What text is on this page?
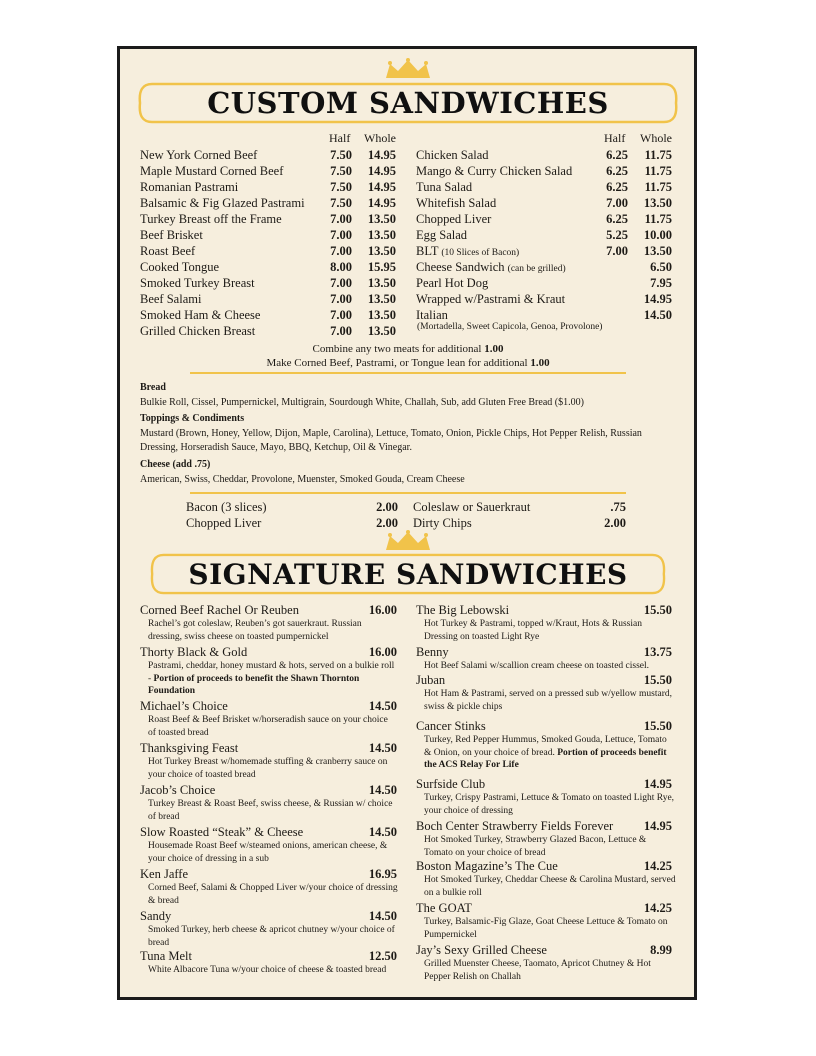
CUSTOM SANDWICHES
Half Whole	Half Whole
New York Corned Beef	7.50	14.95
Maple Mustard Corned Beef	7.50	14.95
Romanian Pastrami	7.50	14.95
Balsamic & Fig Glazed Pastrami	7.50	14.95
Turkey Breast off the Frame	7.00	13.50
Beef Brisket	7.00	13.50
Roast Beef	7.00	13.50
Cooked Tongue	8.00	15.95
Smoked Turkey Breast	7.00	13.50
Beef Salami	7.00	13.50
Smoked Ham & Cheese	7.00	13.50
Grilled Chicken Breast	7.00	13.50
Chicken Salad	6.25	11.75
Mango & Curry Chicken Salad	6.25	11.75
Tuna Salad	6.25	11.75
Whitefish Salad	7.00	13.50
Chopped Liver	6.25	11.75
Egg Salad	5.25	10.00
BLT (10 Slices of Bacon)	7.00	13.50
Cheese Sandwich (can be grilled)	6.50
Pearl Hot Dog	7.95
Wrapped w/Pastrami & Kraut	14.95
Italian	14.50
(Mortadella, Sweet Capicola, Genoa, Provolone)
Combine any two meats for additional 1.00
Make Corned Beef, Pastrami, or Tongue lean for additional 1.00
Bread
Bulkie Roll, Cissel, Pumpernickel, Multigrain, Sourdough White, Challah, Sub, add Gluten Free Bread ($1.00)
Toppings & Condiments
Mustard (Brown, Honey, Yellow, Dijon, Maple, Carolina), Lettuce, Tomato, Onion, Pickle Chips, Hot Pepper Relish, Russian Dressing, Horseradish Sauce, Mayo, BBQ, Ketchup, Oil & Vinegar.
Cheese (add .75)
American, Swiss, Cheddar, Provolone, Muenster, Smoked Gouda, Cream Cheese
Bacon (3 slices)	2.00
Chopped Liver	2.00
Coleslaw or Sauerkraut	.75
Dirty Chips	2.00
SIGNATURE SANDWICHES
Corned Beef Rachel Or Reuben	16.00
Rachel’s got coleslaw, Reuben’s got sauerkraut. Russian dressing, swiss cheese on toasted pumpernickel
Thorty Black & Gold	16.00
Pastrami, cheddar, honey mustard & hots, served on a bulkie roll - Portion of proceeds to benefit the Shawn Thornton Foundation
Michael’s Choice	14.50
Roast Beef & Beef Brisket w/horseradish sauce on your choice of toasted bread
Thanksgiving Feast	14.50
Hot Turkey Breast w/homemade stuffing & cranberry sauce on your choice of toasted bread
Jacob’s Choice	14.50
Turkey Breast & Roast Beef, swiss cheese, & Russian w/ choice of bread
Slow Roasted “Steak” & Cheese	14.50
Housemade Roast Beef w/steamed onions, american cheese, & your choice of dressing in a sub
Ken Jaffe	16.95
Corned Beef, Salami & Chopped Liver w/your choice of dressing & bread
Sandy	14.50
Smoked Turkey, herb cheese & apricot chutney w/your choice of bread
Tuna Melt	12.50
White Albacore Tuna w/your choice of cheese & toasted bread
The Big Lebowski	15.50
Hot Turkey & Pastrami, topped w/Kraut, Hots & Russian Dressing on toasted Light Rye
Benny	13.75
Hot Beef Salami w/scallion cream cheese on toasted cissel.
Juban	15.50
Hot Ham & Pastrami, served on a pressed sub w/yellow mustard, swiss & pickle chips
Cancer Stinks	15.50
Turkey, Red Pepper Hummus, Smoked Gouda, Lettuce, Tomato & Onion, on your choice of bread. Portion of proceeds benefit the ACS Relay For Life
Surfside Club	14.95
Turkey, Crispy Pastrami, Lettuce & Tomato on toasted Light Rye, your choice of dressing
Boch Center Strawberry Fields Forever	14.95
Hot Smoked Turkey, Strawberry Glazed Bacon, Lettuce & Tomato on your choice of bread
Boston Magazine’s The Cue	14.25
Hot Smoked Turkey, Cheddar Cheese & Carolina Mustard, served on a bulkie roll
The GOAT	14.25
Turkey, Balsamic-Fig Glaze, Goat Cheese Lettuce & Tomato on Pumpernickel
Jay’s Sexy Grilled Cheese	8.99
Grilled Muenster Cheese, Taomato, Apricot Chutney & Hot Pepper Relish on Challah
